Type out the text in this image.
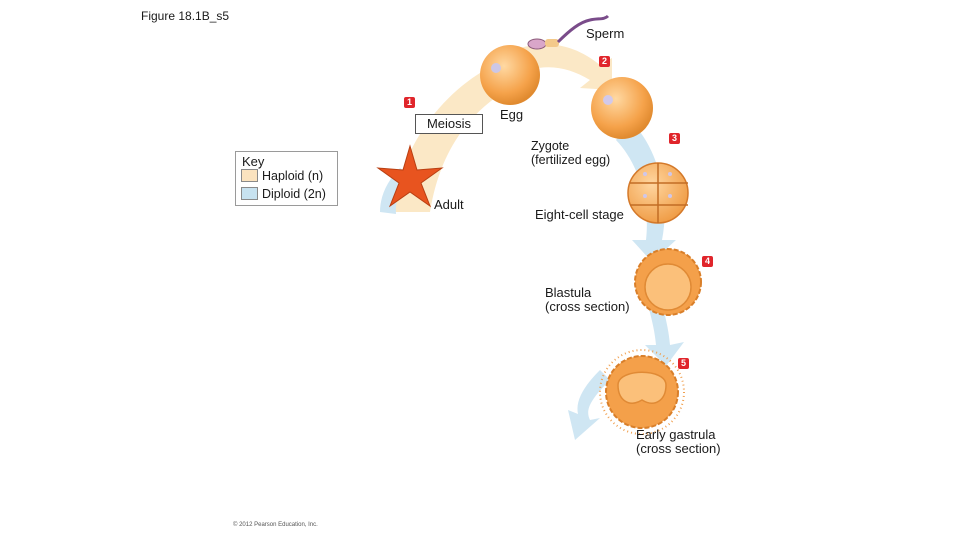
Figure 18.1B_s5
Sperm
Egg
Meiosis
Zygote
(fertilized egg)
Adult
Eight-cell stage
Blastula
(cross section)
Early gastrula
(cross section)
1
2
3
4
5
Key
Haploid (n)
Diploid (2n)
© 2012 Pearson Education, Inc.
